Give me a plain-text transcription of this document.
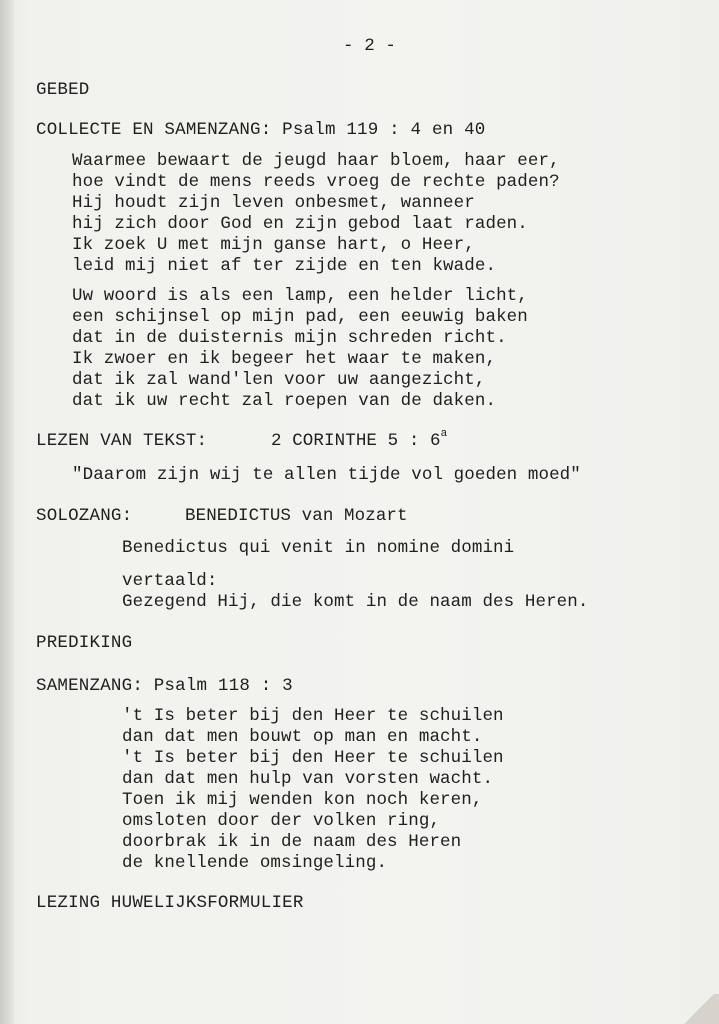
- 2 -
GEBED
COLLECTE EN SAMENZANG: Psalm 119 : 4 en 40
Waarmee bewaart de jeugd haar bloem, haar eer,
hoe vindt de mens reeds vroeg de rechte paden?
Hij houdt zijn leven onbesmet, wanneer
hij zich door God en zijn gebod laat raden.
Ik zoek U met mijn ganse hart, o Heer,
leid mij niet af ter zijde en ten kwade.
Uw woord is als een lamp, een helder licht,
een schijnsel op mijn pad, een eeuwig baken
dat in de duisternis mijn schreden richt.
Ik zwoer en ik begeer het waar te maken,
dat ik zal wand'len voor uw aangezicht,
dat ik uw recht zal roepen van de daken.
LEZEN VAN TEKST:	2 CORINTHE 5 : 6$^a$
"Daarom zijn wij te allen tijde vol goeden moed"
SOLOZANG:	BENEDICTUS van Mozart
Benedictus qui venit in nomine domini
vertaald:
Gezegend Hij, die komt in de naam des Heren.
PREDIKING
SAMENZANG: Psalm 118 : 3
't Is beter bij den Heer te schuilen
dan dat men bouwt op man en macht.
't Is beter bij den Heer te schuilen
dan dat men hulp van vorsten wacht.
Toen ik mij wenden kon noch keren,
omsloten door der volken ring,
doorbrak ik in de naam des Heren
de knellende omsingeling.
LEZING HUWELIJKSFORMULIER
